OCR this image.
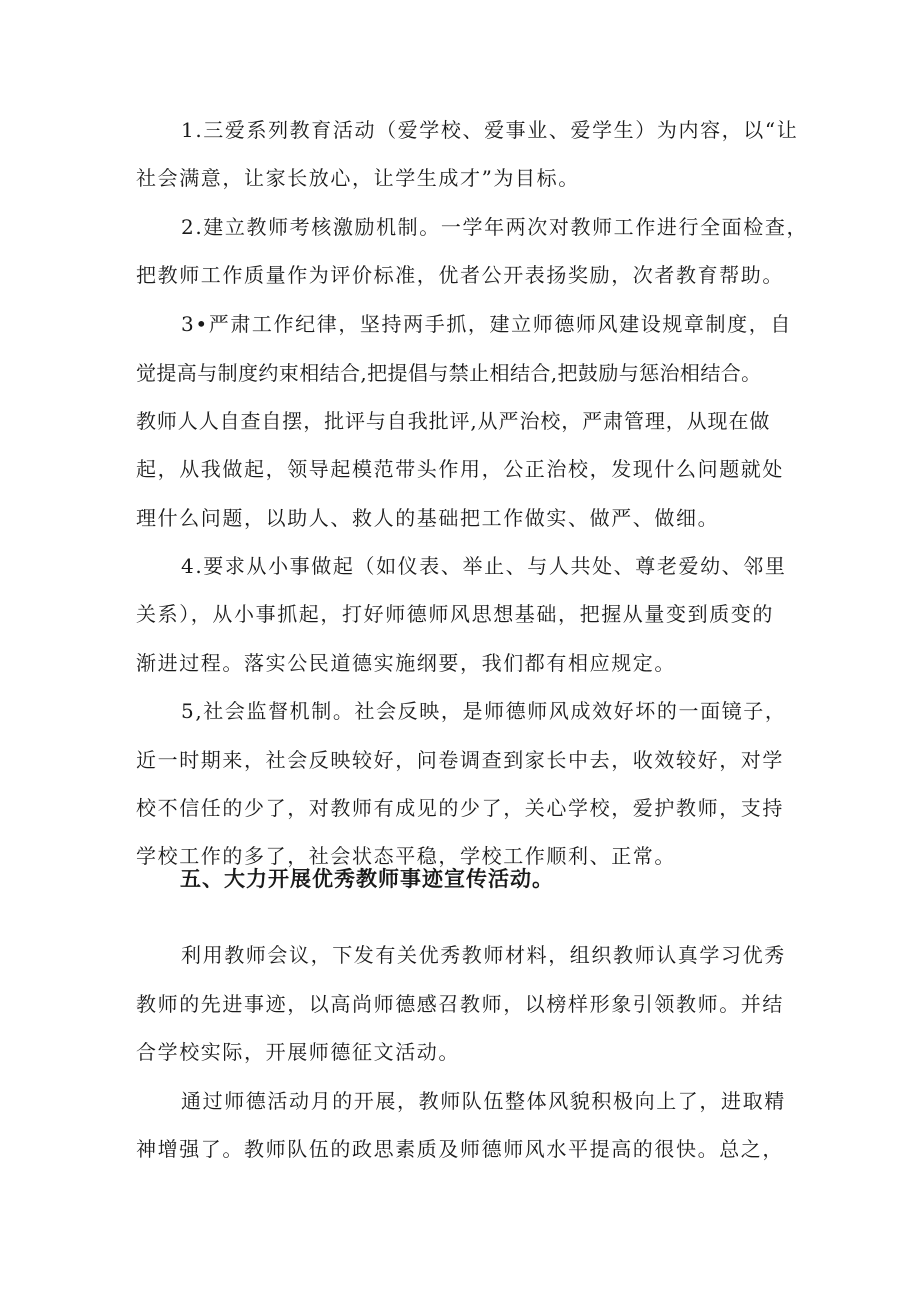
1.三爱系列教育活动（爱学校、爱事业、爱学生）为内容，以“让
社会满意，让家长放心，让学生成才”为目标。
2.建立教师考核激励机制。一学年两次对教师工作进行全面检查，
把教师工作质量作为评价标准，优者公开表扬奖励，次者教育帮助。
3•严肃工作纪律，坚持两手抓，建立师德师风建设规章制度，自
觉提高与制度约束相结合,把提倡与禁止相结合,把鼓励与惩治相结合。
教师人人自查自摆，批评与自我批评,从严治校，严肃管理，从现在做
起，从我做起，领导起模范带头作用，公正治校，发现什么问题就处
理什么问题，以助人、救人的基础把工作做实、做严、做细。
4.要求从小事做起（如仪表、举止、与人共处、尊老爱幼、邻里
关系），从小事抓起，打好师德师风思想基础，把握从量变到质变的
渐进过程。落实公民道德实施纲要，我们都有相应规定。
5,社会监督机制。社会反映，是师德师风成效好坏的一面镜子，
近一时期来，社会反映较好，问卷调查到家长中去，收效较好，对学
校不信任的少了，对教师有成见的少了，关心学校，爱护教师，支持
学校工作的多了，社会状态平稳，学校工作顺利、正常。
五、大力开展优秀教师事迹宣传活动。
利用教师会议，下发有关优秀教师材料，组织教师认真学习优秀
教师的先进事迹，以高尚师德感召教师，以榜样形象引领教师。并结
合学校实际，开展师德征文活动。
通过师德活动月的开展，教师队伍整体风貌积极向上了，进取精
神增强了。教师队伍的政思素质及师德师风水平提高的很快。总之，
